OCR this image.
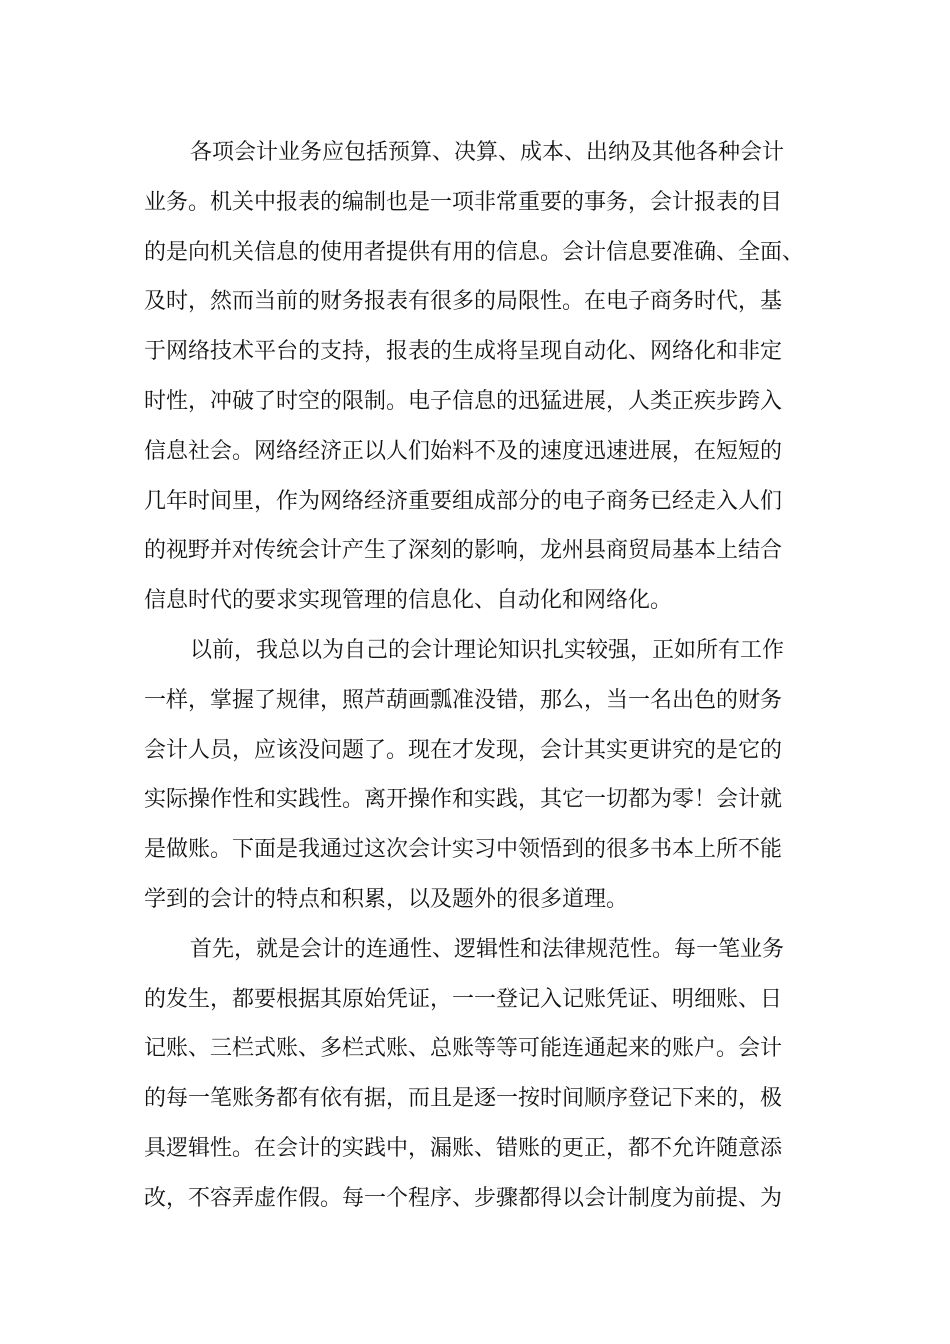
各项会计业务应包括预算、决算、成本、出纳及其他各种会计
业务。机关中报表的编制也是一项非常重要的事务，会计报表的目
的是向机关信息的使用者提供有用的信息。会计信息要准确、全面、
及时，然而当前的财务报表有很多的局限性。在电子商务时代，基
于网络技术平台的支持，报表的生成将呈现自动化、网络化和非定
时性，冲破了时空的限制。电子信息的迅猛进展，人类正疾步跨入
信息社会。网络经济正以人们始料不及的速度迅速进展，在短短的
几年时间里，作为网络经济重要组成部分的电子商务已经走入人们
的视野并对传统会计产生了深刻的影响，龙州县商贸局基本上结合
信息时代的要求实现管理的信息化、自动化和网络化。
以前，我总以为自己的会计理论知识扎实较强，正如所有工作
一样，掌握了规律，照芦葫画瓢准没错，那么，当一名出色的财务
会计人员，应该没问题了。现在才发现，会计其实更讲究的是它的
实际操作性和实践性。离开操作和实践，其它一切都为零！会计就
是做账。下面是我通过这次会计实习中领悟到的很多书本上所不能
学到的会计的特点和积累，以及题外的很多道理。
首先，就是会计的连通性、逻辑性和法律规范性。每一笔业务
的发生，都要根据其原始凭证，一一登记入记账凭证、明细账、日
记账、三栏式账、多栏式账、总账等等可能连通起来的账户。会计
的每一笔账务都有依有据，而且是逐一按时间顺序登记下来的，极
具逻辑性。在会计的实践中，漏账、错账的更正，都不允许随意添
改，不容弄虚作假。每一个程序、步骤都得以会计制度为前提、为
